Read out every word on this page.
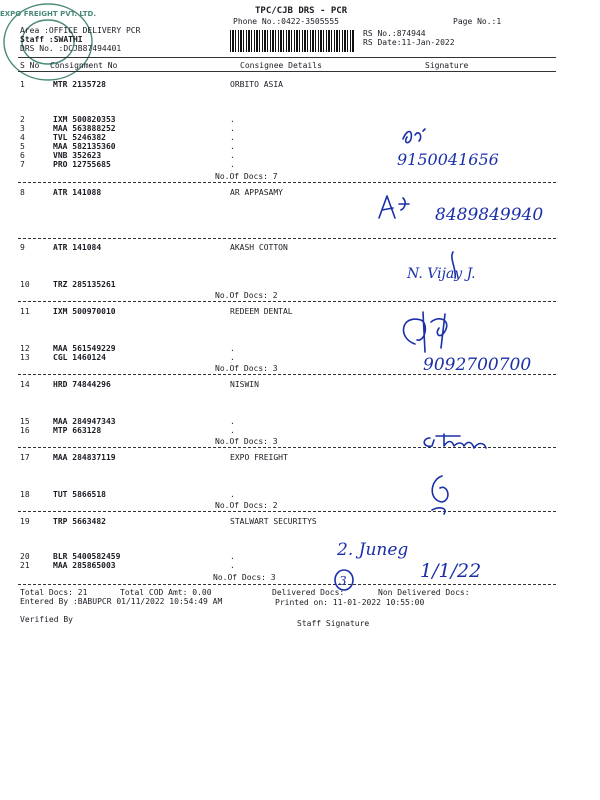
TPC/CJB DRS - PCR
Phone No.:0422-3505555	Page No.:1
Area :OFFICE DELIVERY PCR
Staff :SWATHI
DRS No. :DCJB87494401
RS No.:874944
RS Date:11-Jan-2022
S No Consignment No	Consignee Details	Signature
1	MTR 2135728	ORBITO ASIA
2	IXM 500820353	.
3	MAA 563888252	.
4	TVL 5246382	.
5	MAA 582135360	.
6	VNB 352623	.
7	PRO 12755685	.
No.Of Docs: 7
8	ATR 141088	AR APPASAMY
9	ATR 141084	AKASH COTTON
10	TRZ 285135261
No.Of Docs: 2
11	IXM 500970010	REDEEM DENTAL
12	MAA 561549229	.
13	CGL 1460124	.
No.Of Docs: 3
14	HRD 74844296	NISWIN
15	MAA 284947343	.
16	MTP 663128	.
No.Of Docs: 3
17	MAA 284837119	EXPO FREIGHT
18	TUT 5866518	.
No.Of Docs: 2
19	TRP 5663482	STALWART SECURITYS
20	BLR 5400582459	.
21	MAA 285865003	.
No.Of Docs: 3
Total Docs: 21	Total COD Amt: 0.00	Delivered Docs:	Non Delivered Docs:
Entered By :BABUPCR 01/11/2022 10:54:49 AM	Printed on: 11-01-2022 10:55:00
Verified By	Staff Signature
9150041656
8489849940
N. Vijay J.
9092700700
EXPO FREIGHT PVT. LTD.
2. Juneg
1/1/22
3
